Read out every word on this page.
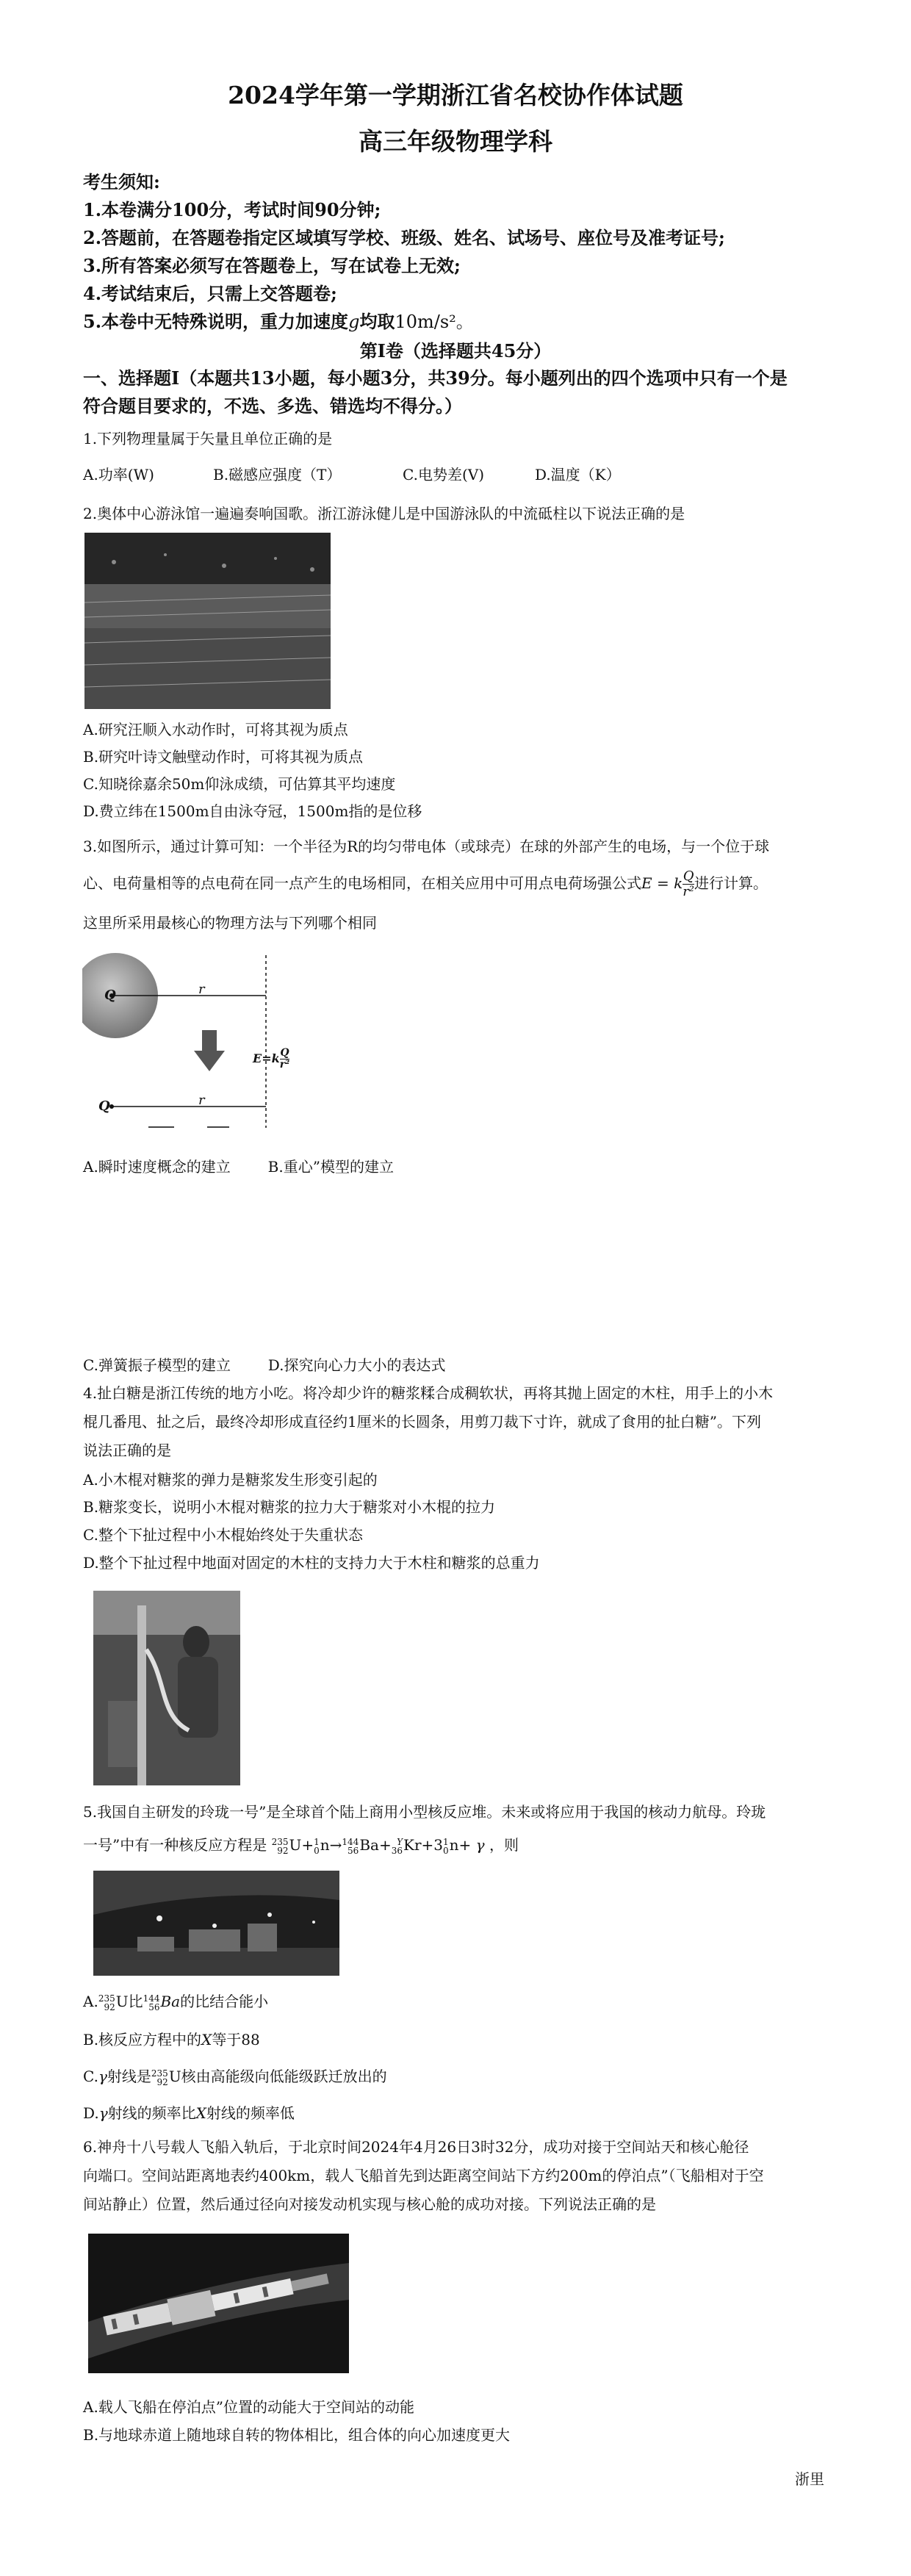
2024学年第一学期浙江省名校协作体试题
高三年级物理学科
考生须知:
1.本卷满分100分，考试时间90分钟;
2.答题前，在答题卷指定区域填写学校、班级、姓名、试场号、座位号及准考证号;
3.所有答案必须写在答题卷上，写在试卷上无效;
4.考试结束后，只需上交答题卷;
5.本卷中无特殊说明，重力加速度g均取10m/s²。
第Ⅰ卷（选择题共45分）
一、选择题Ⅰ（本题共13小题，每小题3分，共39分。每小题列出的四个选项中只有一个是
符合题目要求的，不选、多选、错选均不得分。）
1.下列物理量属于矢量且单位正确的是
A.功率(W)	B.磁感应强度（T）	C.电势差(V)	D.温度（K）
2.奥体中心游泳馆一遍遍奏响国歌。浙江游泳健儿是中国游泳队的中流砥柱以下说法正确的是
A.研究汪顺入水动作时，可将其视为质点
B.研究叶诗文触壁动作时，可将其视为质点
C.知晓徐嘉余50m仰泳成绩，可估算其平均速度
D.费立纬在1500m自由泳夺冠，1500m指的是位移
3.如图所示，通过计算可知：一个半径为R的均匀带电体（或球壳）在球的外部产生的电场，与一个位于球
心、电荷量相等的点电荷在同一点产生的电场相同，在相关应用中可用点电荷场强公式E = k $\frac{Q}{\text{r²}}$ 进行计算。
这里所采用最核心的物理方法与下列哪个相同
Q	r
$E=k \frac{Q}{\text{r²}}$
Q	r
A.瞬时速度概念的建立        B.重心”模型的建立
C.弹簧振子模型的建立        D.探究向心力大小的表达式
4.扯白糖是浙江传统的地方小吃。将冷却少许的糖浆糅合成稠软状，再将其抛上固定的木柱，用手上的小木
棍几番甩、扯之后，最终冷却形成直径约1厘米的长圆条，用剪刀裁下寸许，就成了食用的扯白糖”。下列
说法正确的是
A.小木棍对糖浆的弹力是糖浆发生形变引起的
B.糖浆变长，说明小木棍对糖浆的拉力大于糖浆对小木棍的拉力
C.整个下扯过程中小木棍始终处于失重状态
D.整个下扯过程中地面对固定的木柱的支持力大于木柱和糖浆的总重力
5.我国自主研发的玲珑一号”是全球首个陆上商用小型核反应堆。未来或将应用于我国的核动力航母。玲珑
一号”中有一种核反应方程是 235
92 U+ 1
0 n→ 144
56 Ba+ Y
36 Kr+3 1
0 n+ γ ，则
A. 235
92 U比 144
56 Ba的比结合能小
B.核反应方程中的X等于88
C.γ射线是 235
92 U核由高能级向低能级跃迁放出的
D.γ射线的频率比X射线的频率低
6.神舟十八号载人飞船入轨后，于北京时间2024年4月26日3时32分，成功对接于空间站天和核心舱径
向端口。空间站距离地表约400km，载人飞船首先到达距离空间站下方约200m的停泊点”（飞船相对于空
间站静止）位置，然后通过径向对接发动机实现与核心舱的成功对接。下列说法正确的是
A.载人飞船在停泊点”位置的动能大于空间站的动能
B.与地球赤道上随地球自转的物体相比，组合体的向心加速度更大
浙里
